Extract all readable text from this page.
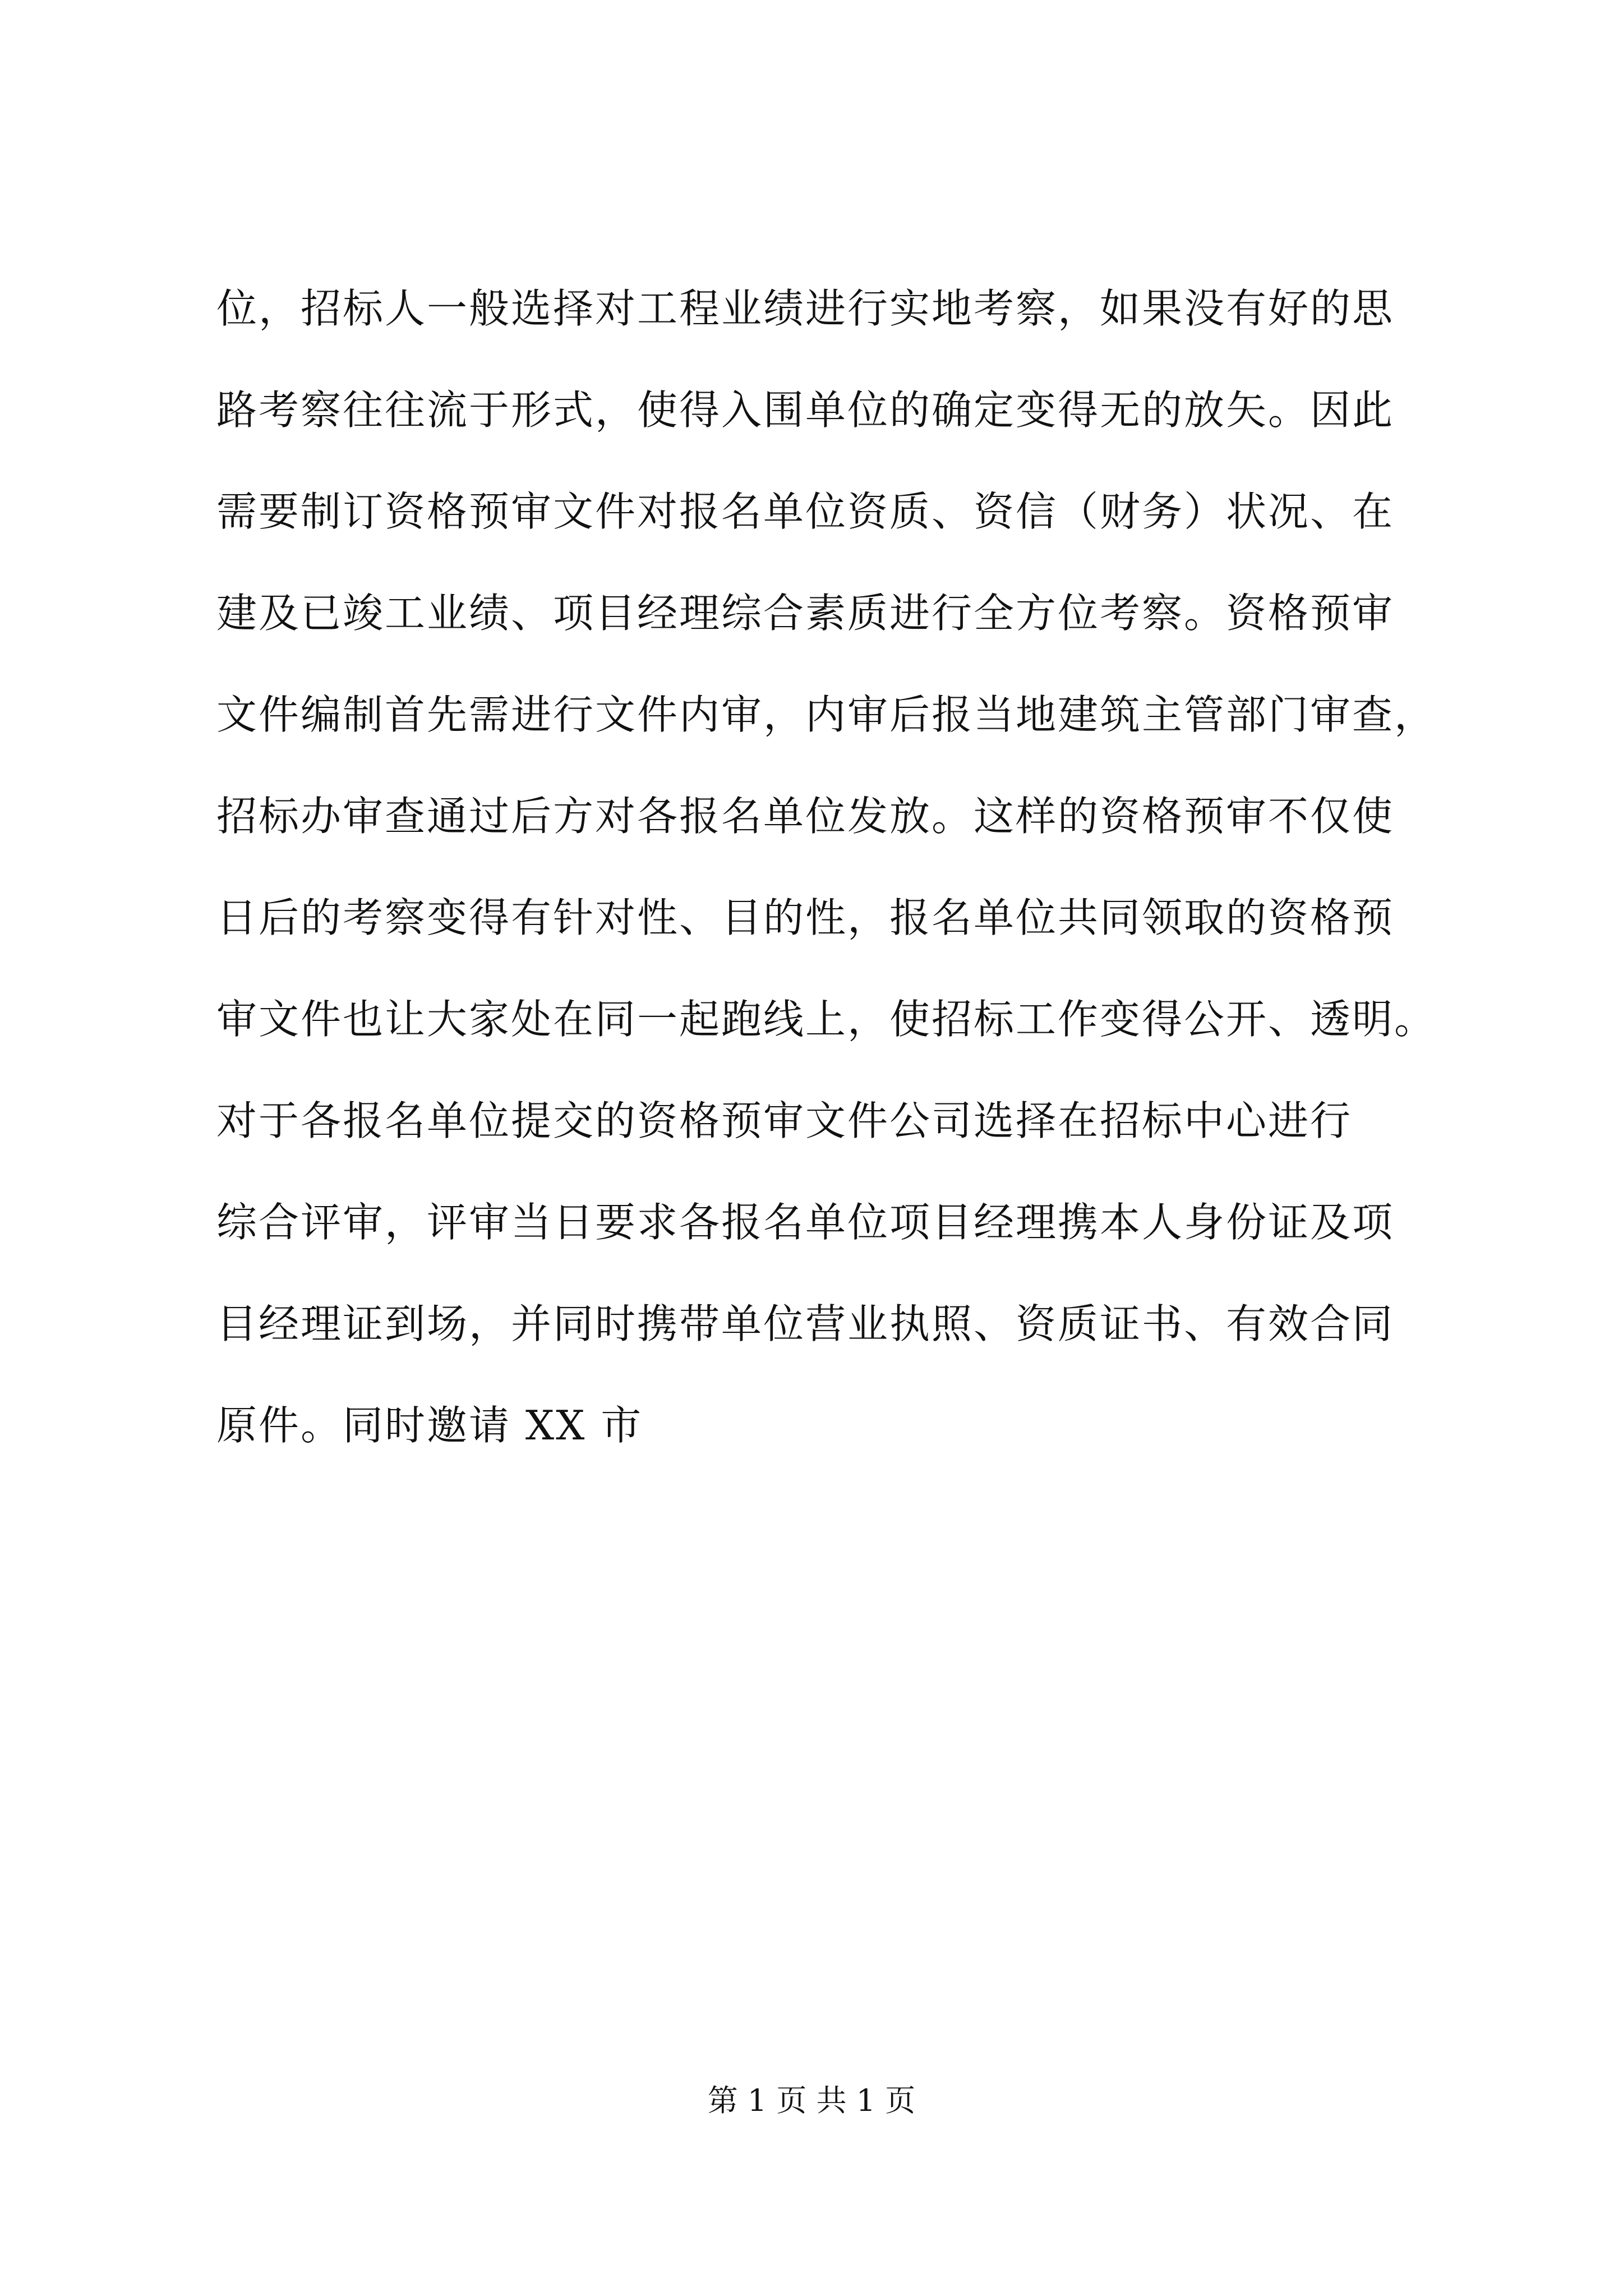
位，招标人一般选择对工程业绩进行实地考察，如果没有好的思
路考察往往流于形式，使得入围单位的确定变得无的放矢。因此
需要制订资格预审文件对报名单位资质、资信（财务）状况、在
建及已竣工业绩、项目经理综合素质进行全方位考察。资格预审
文件编制首先需进行文件内审，内审后报当地建筑主管部门审查，
招标办审查通过后方对各报名单位发放。这样的资格预审不仅使
日后的考察变得有针对性、目的性，报名单位共同领取的资格预
审文件也让大家处在同一起跑线上，使招标工作变得公开、透明。
对于各报名单位提交的资格预审文件公司选择在招标中心进行
综合评审，评审当日要求各报名单位项目经理携本人身份证及项
目经理证到场，并同时携带单位营业执照、资质证书、有效合同
原件。同时邀请 XX 市
第 1 页 共 1 页
